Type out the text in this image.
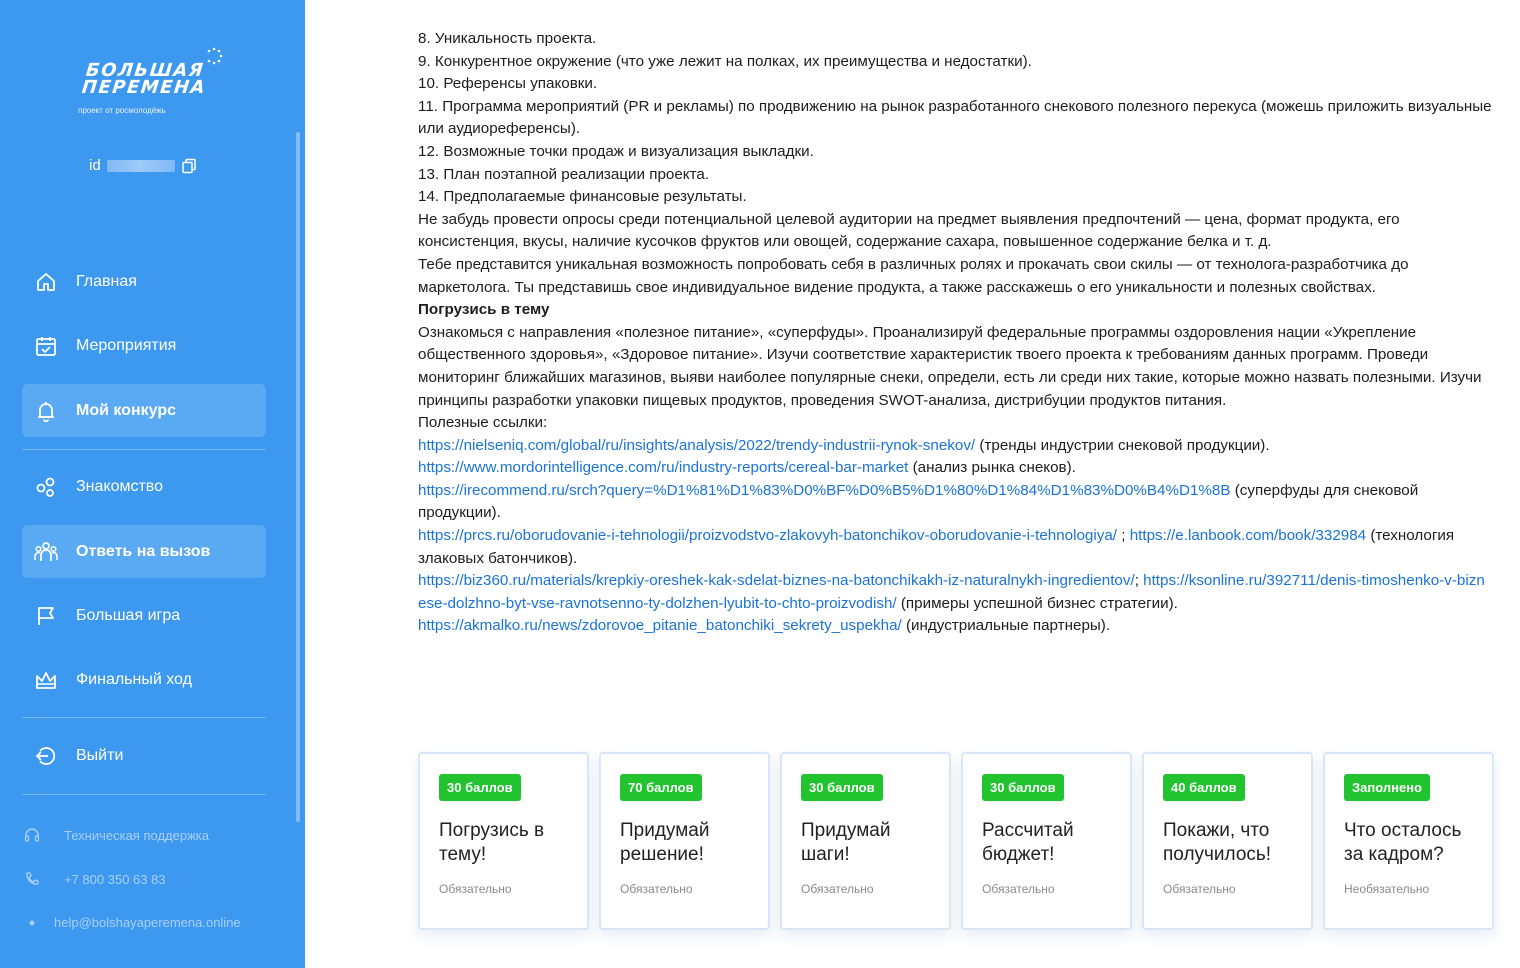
БОЛЬШАЯ
ПЕРЕМЕНА
проект от росмолодёжь
id
Главная
Мероприятия
Мой конкурс
Знакомство
Ответь на вызов
Большая игра
Финальный ход
Выйти
Техническая поддержка
+7 800 350 63 83
help@bolshayaperemena.online

8. Уникальность проекта.

9. Конкурентное окружение (что уже лежит на полках, их преимущества и недостатки).

10. Референсы упаковки.

11. Программа мероприятий (PR и рекламы) по продвижению на рынок разработанного снекового полезного перекуса (можешь приложить визуальные или аудиореференсы).

12. Возможные точки продаж и визуализация выкладки.

13. План поэтапной реализации проекта.

14. Предполагаемые финансовые результаты.

Не забудь провести опросы среди потенциальной целевой аудитории на предмет выявления предпочтений — цена, формат продукта, его консистенция, вкусы, наличие кусочков фруктов или овощей, содержание сахара, повышенное содержание белка и т. д.

Тебе представится уникальная возможность попробовать себя в различных ролях и прокачать свои скилы — от технолога-разработчика до маркетолога. Ты представишь свое индивидуальное видение продукта, а также расскажешь о его уникальности и полезных свойствах.

Погрузись в тему

Ознакомься с направления «полезное питание», «суперфуды». Проанализируй федеральные программы оздоровления нации «Укрепление общественного здоровья», «Здоровое питание». Изучи соответствие характеристик твоего проекта к требованиям данных программ. Проведи мониторинг ближайших магазинов, выяви наиболее популярные снеки, определи, есть ли среди них такие, которые можно назвать полезными. Изучи принципы разработки упаковки пищевых продуктов, проведения SWOT-анализа, дистрибуции продуктов питания.

Полезные ссылки:

https://nielseniq.com/global/ru/insights/analysis/2022/trendy-industrii-rynok-snekov/ (тренды индустрии снековой продукции).

https://www.mordorintelligence.com/ru/industry-reports/cereal-bar-market (анализ рынка снеков).

https://irecommend.ru/srch?query=%D1%81%D1%83%D0%BF%D0%B5%D1%80%D1%84%D1%83%D0%B4%D1%8B (суперфуды для снековой продукции).

https://prcs.ru/oborudovanie-i-tehnologii/proizvodstvo-zlakovyh-batonchikov-oborudovanie-i-tehnologiya/ ; https://e.lanbook.com/book/332984 (технология злаковых батончиков).

https://biz360.ru/materials/krepkiy-oreshek-kak-sdelat-biznes-na-batonchikakh-iz-naturalnykh-ingredientov/; https://ksonline.ru/392711/denis-timoshenko-v-biznese-dolzhno-byt-vse-ravnotsenno-ty-dolzhen-lyubit-to-chto-proizvodish/ (примеры успешной бизнес стратегии).

https://akmalko.ru/news/zdorovoe_pitanie_batonchiki_sekrety_uspekha/ (индустриальные партнеры).

30 баллов
Погрузись в тему!
Обязательно
70 баллов
Придумай решение!
Обязательно
30 баллов
Придумай шаги!
Обязательно
30 баллов
Рассчитай бюджет!
Обязательно
40 баллов
Покажи, что получилось!
Обязательно
Заполнено
Что осталось за кадром?
Необязательно
